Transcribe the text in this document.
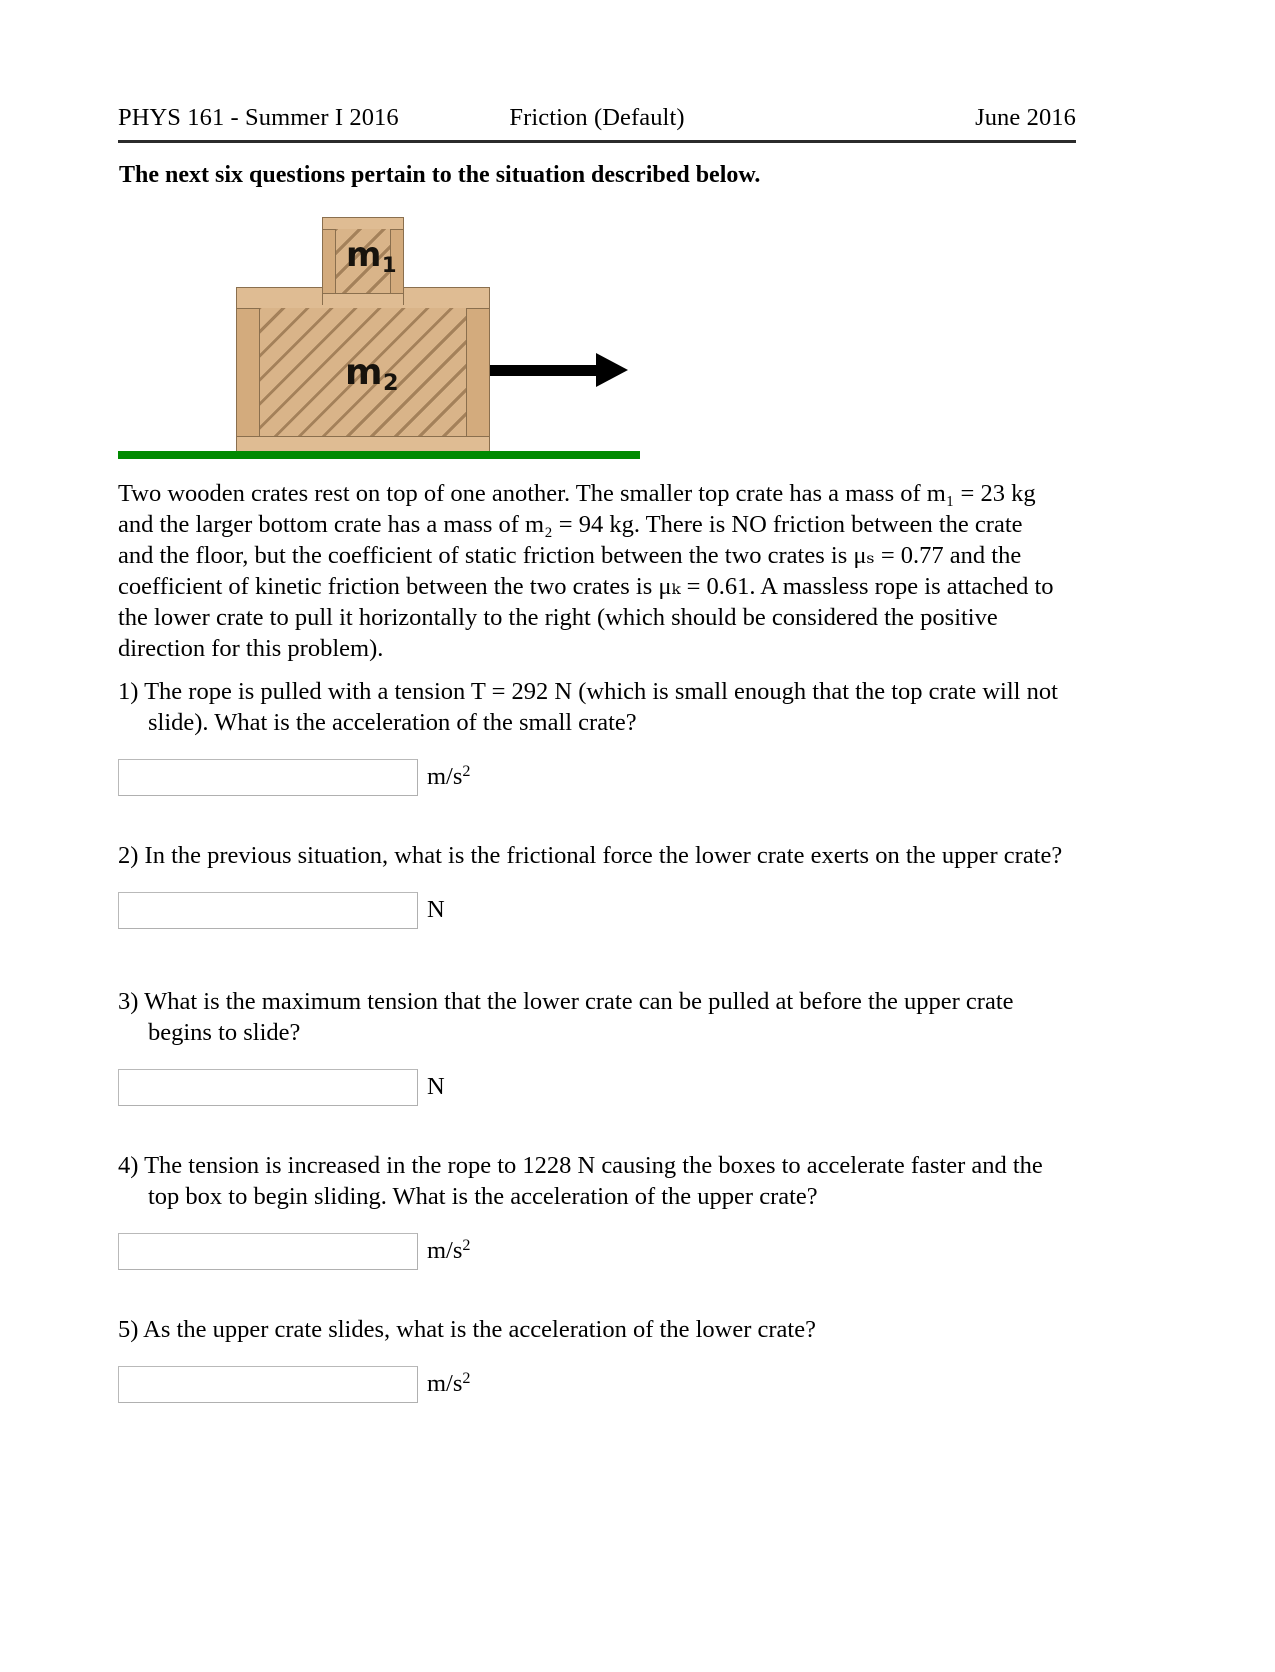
PHYS 161 - Summer I 2016	Friction (Default)	June 2016
The next six questions pertain to the situation described below.
$m_1$
$m_2$
Two wooden crates rest on top of one another. The smaller top crate has a mass of m₁ = 23 kg and the larger bottom crate has a mass of m₂ = 94 kg. There is NO friction between the crate and the floor, but the coefficient of static friction between the two crates is μₛ = 0.77 and the coefficient of kinetic friction between the two crates is μₖ = 0.61. A massless rope is attached to the lower crate to pull it horizontally to the right (which should be considered the positive direction for this problem).
1) The rope is pulled with a tension T = 292 N (which is small enough that the top crate will not slide). What is the acceleration of the small crate?
$m/s^2$
2) In the previous situation, what is the frictional force the lower crate exerts on the upper crate?
N
3) What is the maximum tension that the lower crate can be pulled at before the upper crate begins to slide?
N
4) The tension is increased in the rope to 1228 N causing the boxes to accelerate faster and the top box to begin sliding. What is the acceleration of the upper crate?
$m/s^2$
5) As the upper crate slides, what is the acceleration of the lower crate?
$m/s^2$
